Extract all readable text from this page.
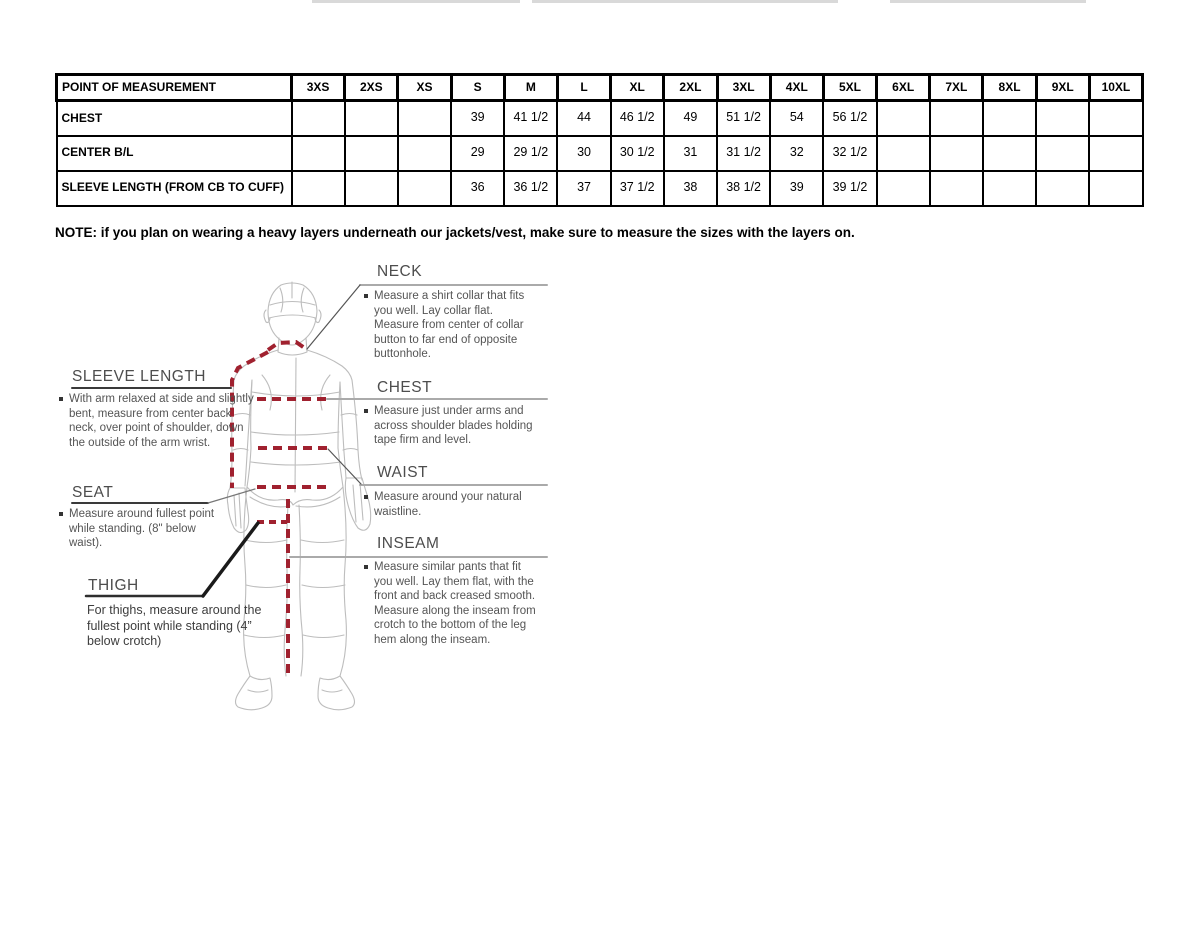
POINT OF MEASUREMENT	3XS	2XS	XS	S	M	L	XL	2XL	3XL	4XL	5XL	6XL	7XL	8XL	9XL	10XL
CHEST				39	41 1/2	44	46 1/2	49	51 1/2	54	56 1/2					
CENTER B/L				29	29 1/2	30	30 1/2	31	31 1/2	32	32 1/2					
SLEEVE LENGTH (FROM CB TO CUFF)				36	36 1/2	37	37 1/2	38	38 1/2	39	39 1/2					
NOTE: if you plan on wearing a heavy layers underneath our jackets/vest, make sure to measure the sizes with the layers on.
NECK

Measure a shirt collar that fits you well. Lay collar flat. Measure from center of collar button to far end of opposite buttonhole.

CHEST

Measure just under arms and across shoulder blades holding tape firm and level.

WAIST

Measure around your natural waistline.

INSEAM

Measure similar pants that fit you well. Lay them flat, with the front and back creased smooth. Measure along the inseam from crotch to the bottom of the leg hem along the inseam.

SLEEVE LENGTH

With arm relaxed at side and slightly bent, measure from center back neck, over point of shoulder, down the outside of the arm wrist.

SEAT

Measure around fullest point while standing. (8" below waist).

THIGH
For thighs, measure around the fullest point while standing (4” below crotch)
